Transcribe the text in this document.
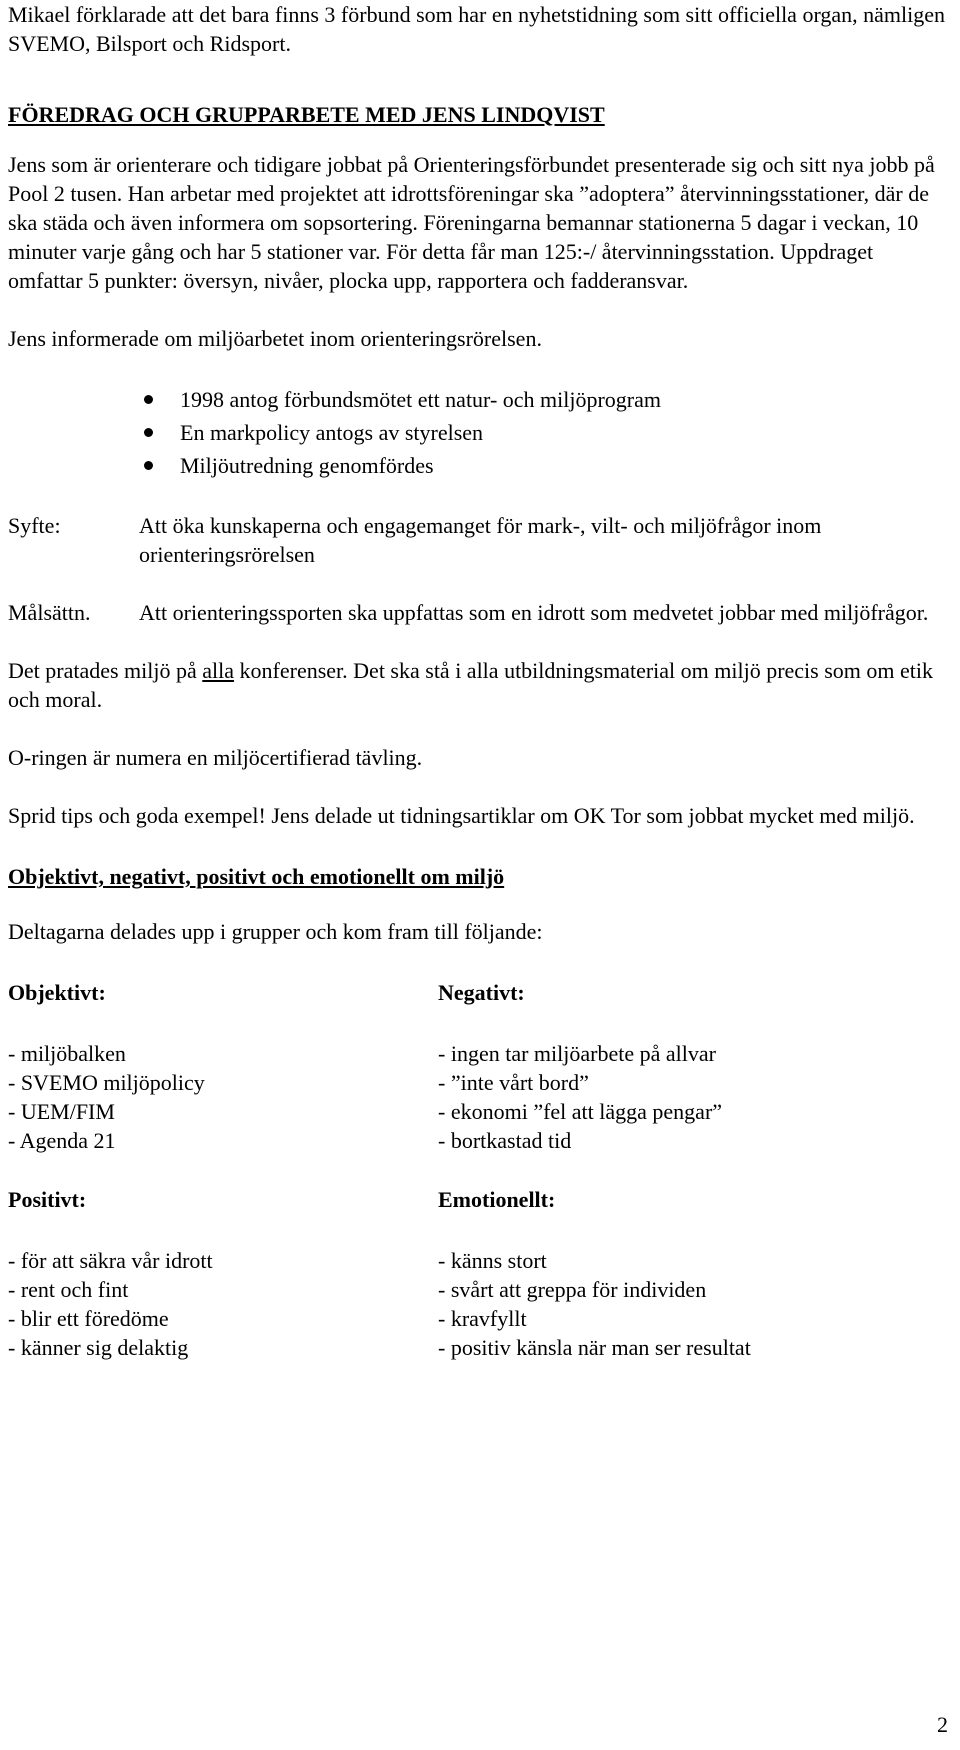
Mikael förklarade att det bara finns 3 förbund som har en nyhetstidning som sitt officiella organ, nämligen SVEMO, Bilsport och Ridsport.

FÖREDRAG OCH GRUPPARBETE MED JENS LINDQVIST

Jens som är orienterare och tidigare jobbat på Orienteringsförbundet presenterade sig och sitt nya jobb på Pool 2 tusen. Han arbetar med projektet att idrottsföreningar ska ”adoptera” återvinningsstationer, där de ska städa och även informera om sopsortering. Föreningarna bemannar stationerna 5 dagar i veckan, 10 minuter varje gång och har 5 stationer var. För detta får man 125:-/ återvinningsstation. Uppdraget omfattar 5 punkter: översyn, nivåer, plocka upp, rapportera och fadderansvar.

Jens informerade om miljöarbetet inom orienteringsrörelsen.

1998 antog förbundsmötet ett natur- och miljöprogram
En markpolicy antogs av styrelsen
Miljöutredning genomfördes
Syfte:	Att öka kunskaperna och engagemanget för mark-, vilt- och miljöfrågor inom orienteringsrörelsen
Målsättn.	Att orienteringssporten ska uppfattas som en idrott som medvetet jobbar med miljöfrågor.

Det pratades miljö på alla konferenser. Det ska stå i alla utbildningsmaterial om miljö precis som om etik och moral.

O-ringen är numera en miljöcertifierad tävling.

Sprid tips och goda exempel! Jens delade ut tidningsartiklar om OK Tor som jobbat mycket med miljö.

Objektivt, negativt, positivt och emotionellt om miljö

Deltagarna delades upp i grupper och kom fram till följande:

Objektivt:
- miljöbalken
- SVEMO miljöpolicy
- UEM/FIM
- Agenda 21
Negativt:
- ingen tar miljöarbete på allvar
- ”inte vårt bord”
- ekonomi ”fel att lägga pengar”
- bortkastad tid
Positivt:
- för att säkra vår idrott
- rent och fint
- blir ett föredöme
- känner sig delaktig
Emotionellt:
- känns stort
- svårt att greppa för individen
- kravfyllt
- positiv känsla när man ser resultat
2
